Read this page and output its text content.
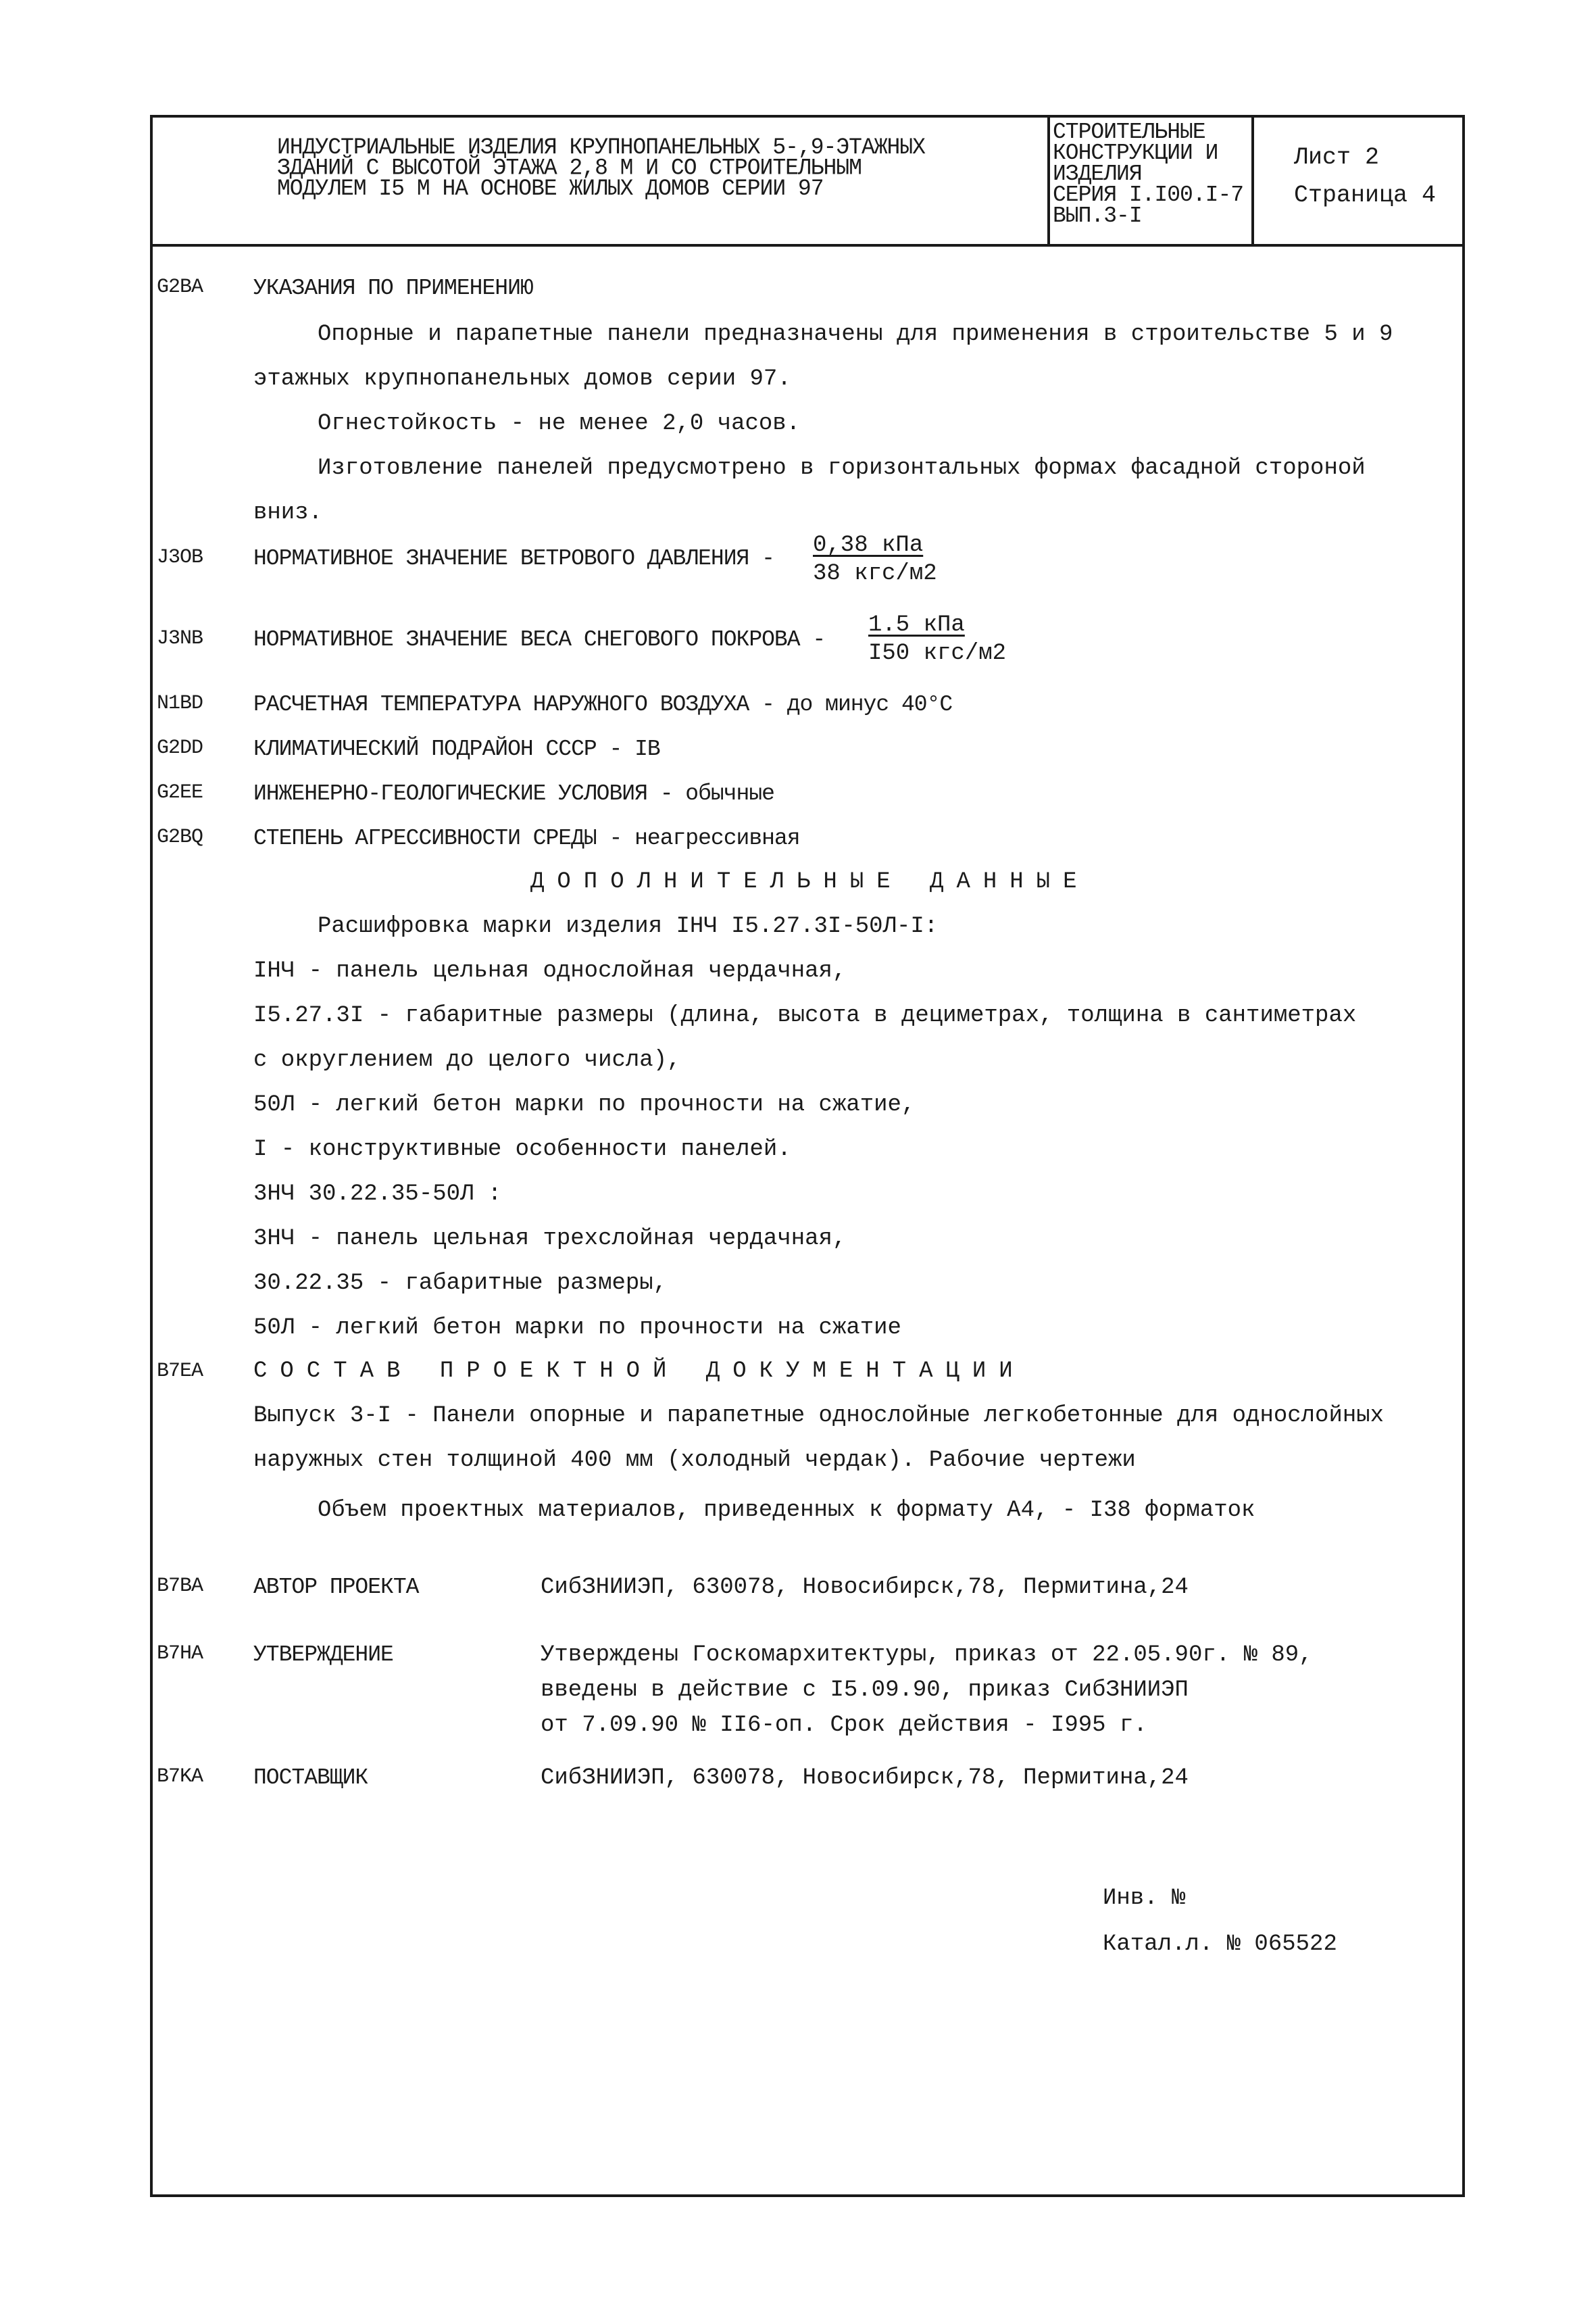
ИНДУСТРИАЛЬНЫЕ ИЗДЕЛИЯ КРУПНОПАНЕЛЬНЫХ 5-,9-ЭТАЖНЫХ
ЗДАНИЙ С ВЫСОТОЙ ЭТАЖА 2,8 М И СО СТРОИТЕЛЬНЫМ
МОДУЛЕМ I5 М НА ОСНОВЕ ЖИЛЫХ ДОМОВ СЕРИИ 97
СТРОИТЕЛЬНЫЕ
КОНСТРУКЦИИ И
ИЗДЕЛИЯ
СЕРИЯ I.I00.I-7
ВЫП.3-I
Лист 2
Страница 4
G2BA УКАЗАНИЯ ПО ПРИМЕНЕНИЮ
Опорные и парапетные панели предназначены для применения в строительстве 5 и 9
этажных крупнопанельных домов серии 97.
Огнестойкость - не менее 2,0 часов.
Изготовление панелей предусмотрено в горизонтальных формах фасадной стороной
вниз.
J3OB НОРМАТИВНОЕ ЗНАЧЕНИЕ ВЕТРОВОГО ДАВЛЕНИЯ -
0,38 кПа
38 кгс/м2
J3NB НОРМАТИВНОЕ ЗНАЧЕНИЕ ВЕСА СНЕГОВОГО ПОКРОВА -
1.5 кПа
I50 кгс/м2
N1BD РАСЧЕТНАЯ ТЕМПЕРАТУРА НАРУЖНОГО ВОЗДУХА - до минус 40°С
G2DD КЛИМАТИЧЕСКИЙ ПОДРАЙОН СССР - IВ
G2EE ИНЖЕНЕРНО-ГЕОЛОГИЧЕСКИЕ УСЛОВИЯ - обычные
G2BQ СТЕПЕНЬ АГРЕССИВНОСТИ СРЕДЫ - неагрессивная
ДОПОЛНИТЕЛЬНЫЕ ДАННЫЕ
Расшифровка марки изделия IНЧ I5.27.3I-50Л-I:
IНЧ - панель цельная однослойная чердачная,
I5.27.3I - габаритные размеры (длина, высота в дециметрах, толщина в сантиметрах
с округлением до целого числа),
50Л - легкий бетон марки по прочности на сжатие,
I - конструктивные особенности панелей.
3НЧ 30.22.35-50Л :
3НЧ - панель цельная трехслойная чердачная,
30.22.35 - габаритные размеры,
50Л - легкий бетон марки по прочности на сжатие
B7EA СОСТАВ ПРОЕКТНОЙ ДОКУМЕНТАЦИИ
Выпуск 3-I - Панели опорные и парапетные однослойные легкобетонные для однослойных
наружных стен толщиной 400 мм (холодный чердак). Рабочие чертежи
Объем проектных материалов, приведенных к формату А4, - I38 форматок
B7BA АВТОР ПРОЕКТА	СибЗНИИЭП, 630078, Новосибирск,78, Пермитина,24
B7HA УТВЕРЖДЕНИЕ	Утверждены Госкомархитектуры, приказ от 22.05.90г. № 89,
введены в действие с I5.09.90, приказ СибЗНИИЭП
от 7.09.90 № II6-оп. Срок действия - I995 г.
B7KA ПОСТАВЩИК	СибЗНИИЭП, 630078, Новосибирск,78, Пермитина,24
Инв. №
Катал.л. № 065522
